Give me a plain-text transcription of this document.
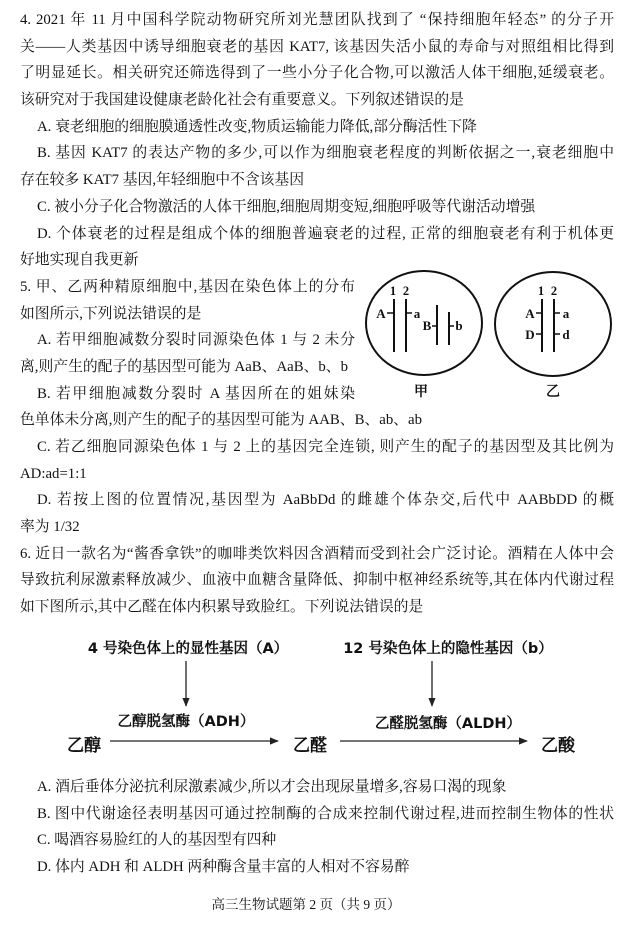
4. 2021 年 11 月中国科学院动物研究所刘光慧团队找到了 “保持细胞年轻态” 的分子开
关——人类基因中诱导细胞衰老的基因 KAT7, 该基因失活小鼠的寿命与对照组相比得到
了明显延长。相关研究还筛选得到了一些小分子化合物,可以激活人体干细胞,延缓衰老。
该研究对于我国建设健康老龄化社会有重要意义。下列叙述错误的是
A. 衰老细胞的细胞膜通透性改变,物质运输能力降低,部分酶活性下降
B. 基因 KAT7 的表达产物的多少,可以作为细胞衰老程度的判断依据之一,衰老细胞中
存在较多 KAT7 基因,年轻细胞中不含该基因
C. 被小分子化合物激活的人体干细胞,细胞周期变短,细胞呼吸等代谢活动增强
D. 个体衰老的过程是组成个体的细胞普遍衰老的过程, 正常的细胞衰老有利于机体更
好地实现自我更新
5. 甲、乙两种精原细胞中,基因在染色体上的分布
如图所示,下列说法错误的是
A. 若甲细胞减数分裂时同源染色体 1 与 2 未分
离,则产生的配子的基因型可能为 AaB、AaB、b、b
B. 若甲细胞减数分裂时 A 基因所在的姐妹染
色单体未分离,则产生的配子的基因型可能为 AAB、B、ab、ab
C. 若乙细胞同源染色体 1 与 2 上的基因完全连锁, 则产生的配子的基因型及其比例为
AD:ad=1:1
D. 若按上图的位置情况,基因型为 AaBbDd 的雌雄个体杂交,后代中 AABbDD 的概
率为 1/32
6. 近日一款名为“酱香拿铁”的咖啡类饮料因含酒精而受到社会广泛讨论。酒精在人体中会
导致抗利尿激素释放减少、血液中血糖含量降低、抑制中枢神经系统等,其在体内代谢过程
如下图所示,其中乙醛在体内积累导致脸红。下列说法错误的是
4 号染色体上的显性基因（A）	12 号染色体上的隐性基因（b）
乙醇脱氢酶（ADH）	乙醛脱氢酶（ALDH）
乙醇	乙醛	乙酸
A. 酒后垂体分泌抗利尿激素减少,所以才会出现尿量增多,容易口渴的现象
B. 图中代谢途径表明基因可通过控制酶的合成来控制代谢过程,进而控制生物体的性状
C. 喝酒容易脸红的人的基因型有四种
D. 体内 ADH 和 ALDH 两种酶含量丰富的人相对不容易醉
1 2
A a
B b
甲
1 2
A a
D d
乙
高三生物试题第 2 页（共 9 页）
